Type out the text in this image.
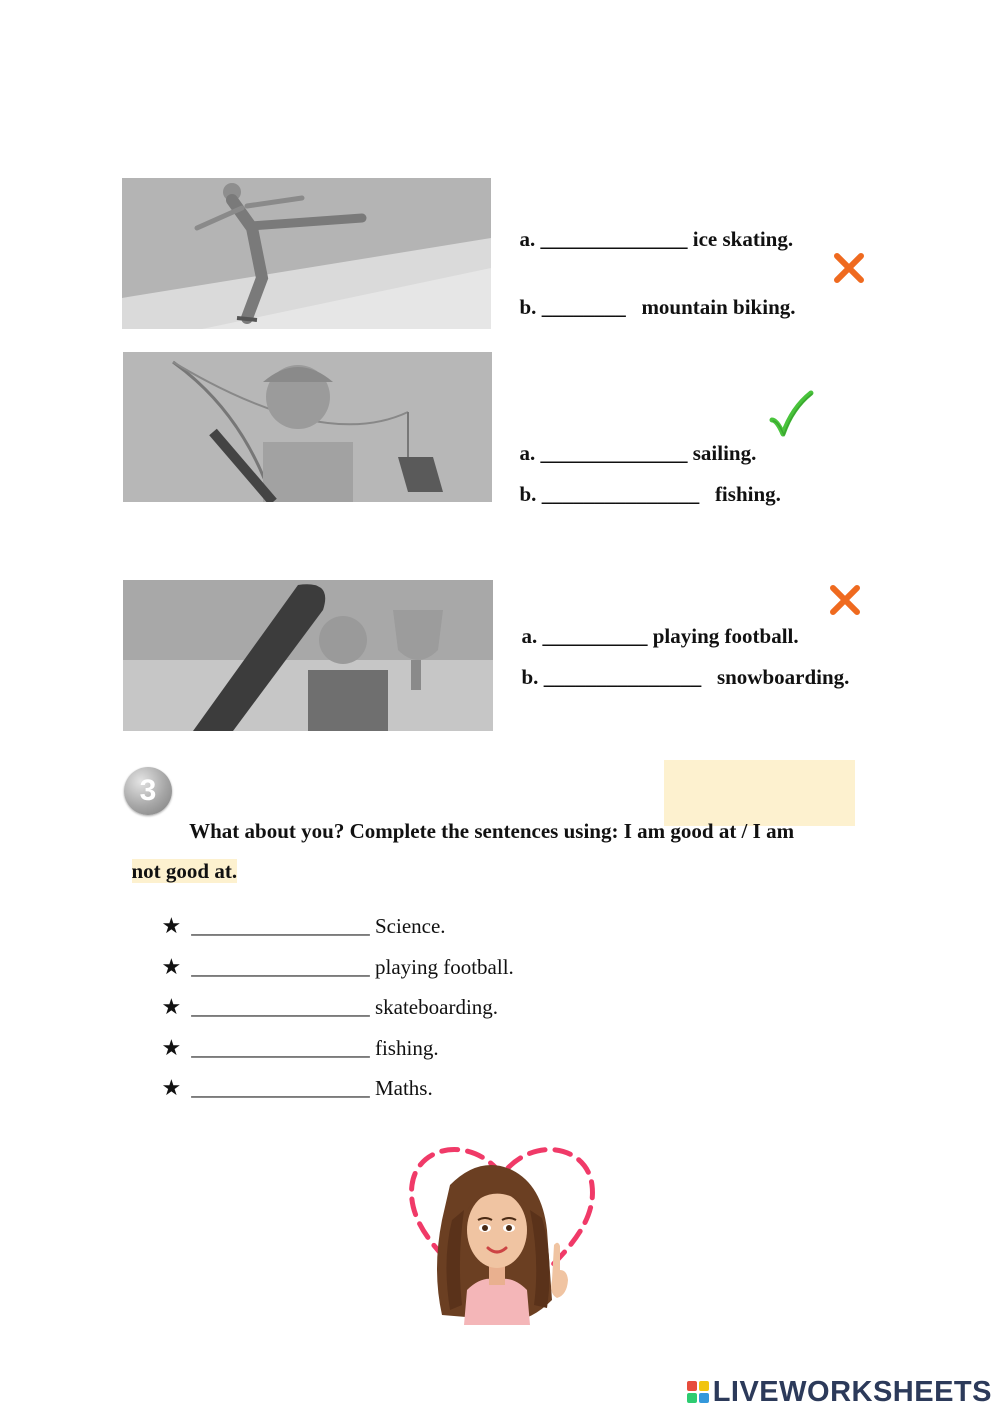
a. ______________ ice skating.

b. ________ mountain biking.

a. ______________ sailing.

b. _______________ fishing.

a. __________ playing football.

b. _______________ snowboarding.

3

What about you? Complete the sentences using: I am good at / I am

not good at.

★ _________________ Science.

★ _________________ playing football.

★ _________________ skateboarding.

★ _________________ fishing.

★ _________________ Maths.

LIVEWORKSHEETS
